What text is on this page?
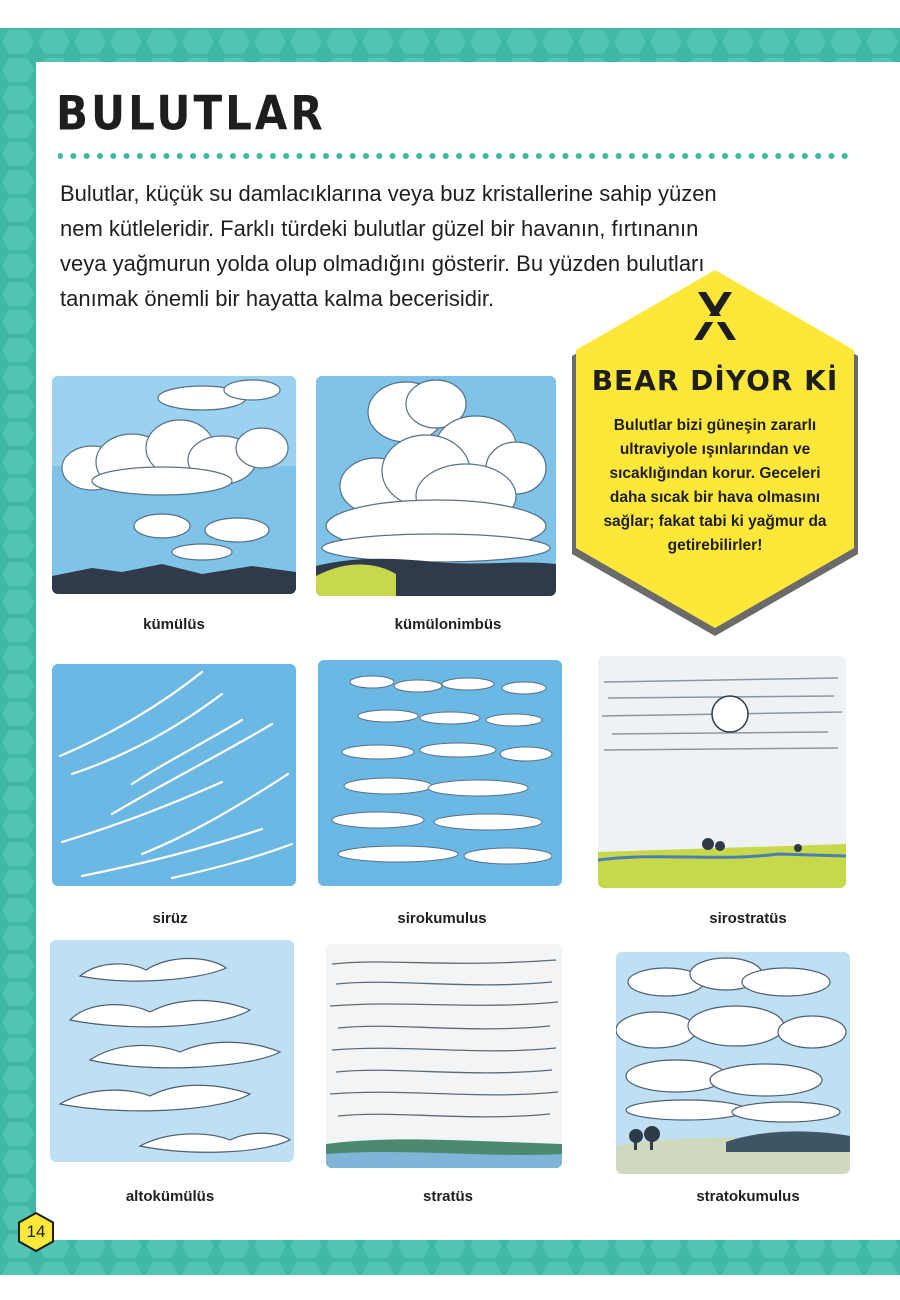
BULUTLAR

Bulutlar, küçük su damlacıklarına veya buz kristallerine sahip yüzen nem kütleleridir. Farklı türdeki bulutlar güzel bir havanın, fırtınanın veya yağmurun yolda olup olmadığını gösterir. Bu yüzden bulutları tanımak önemli bir hayatta kalma becerisidir.

kümülüs	kümülonimbüs
sirüz	sirokumulus	sirostratüs
altokümülüs	stratüs	stratokumulus
BEAR DİYOR Kİ

Bulutlar bizi güneşin zararlı ultraviyole ışınlarından ve sıcaklığından korur. Geceleri daha sıcak bir hava olmasını sağlar; fakat tabi ki yağmur da getirebilirler!

14
